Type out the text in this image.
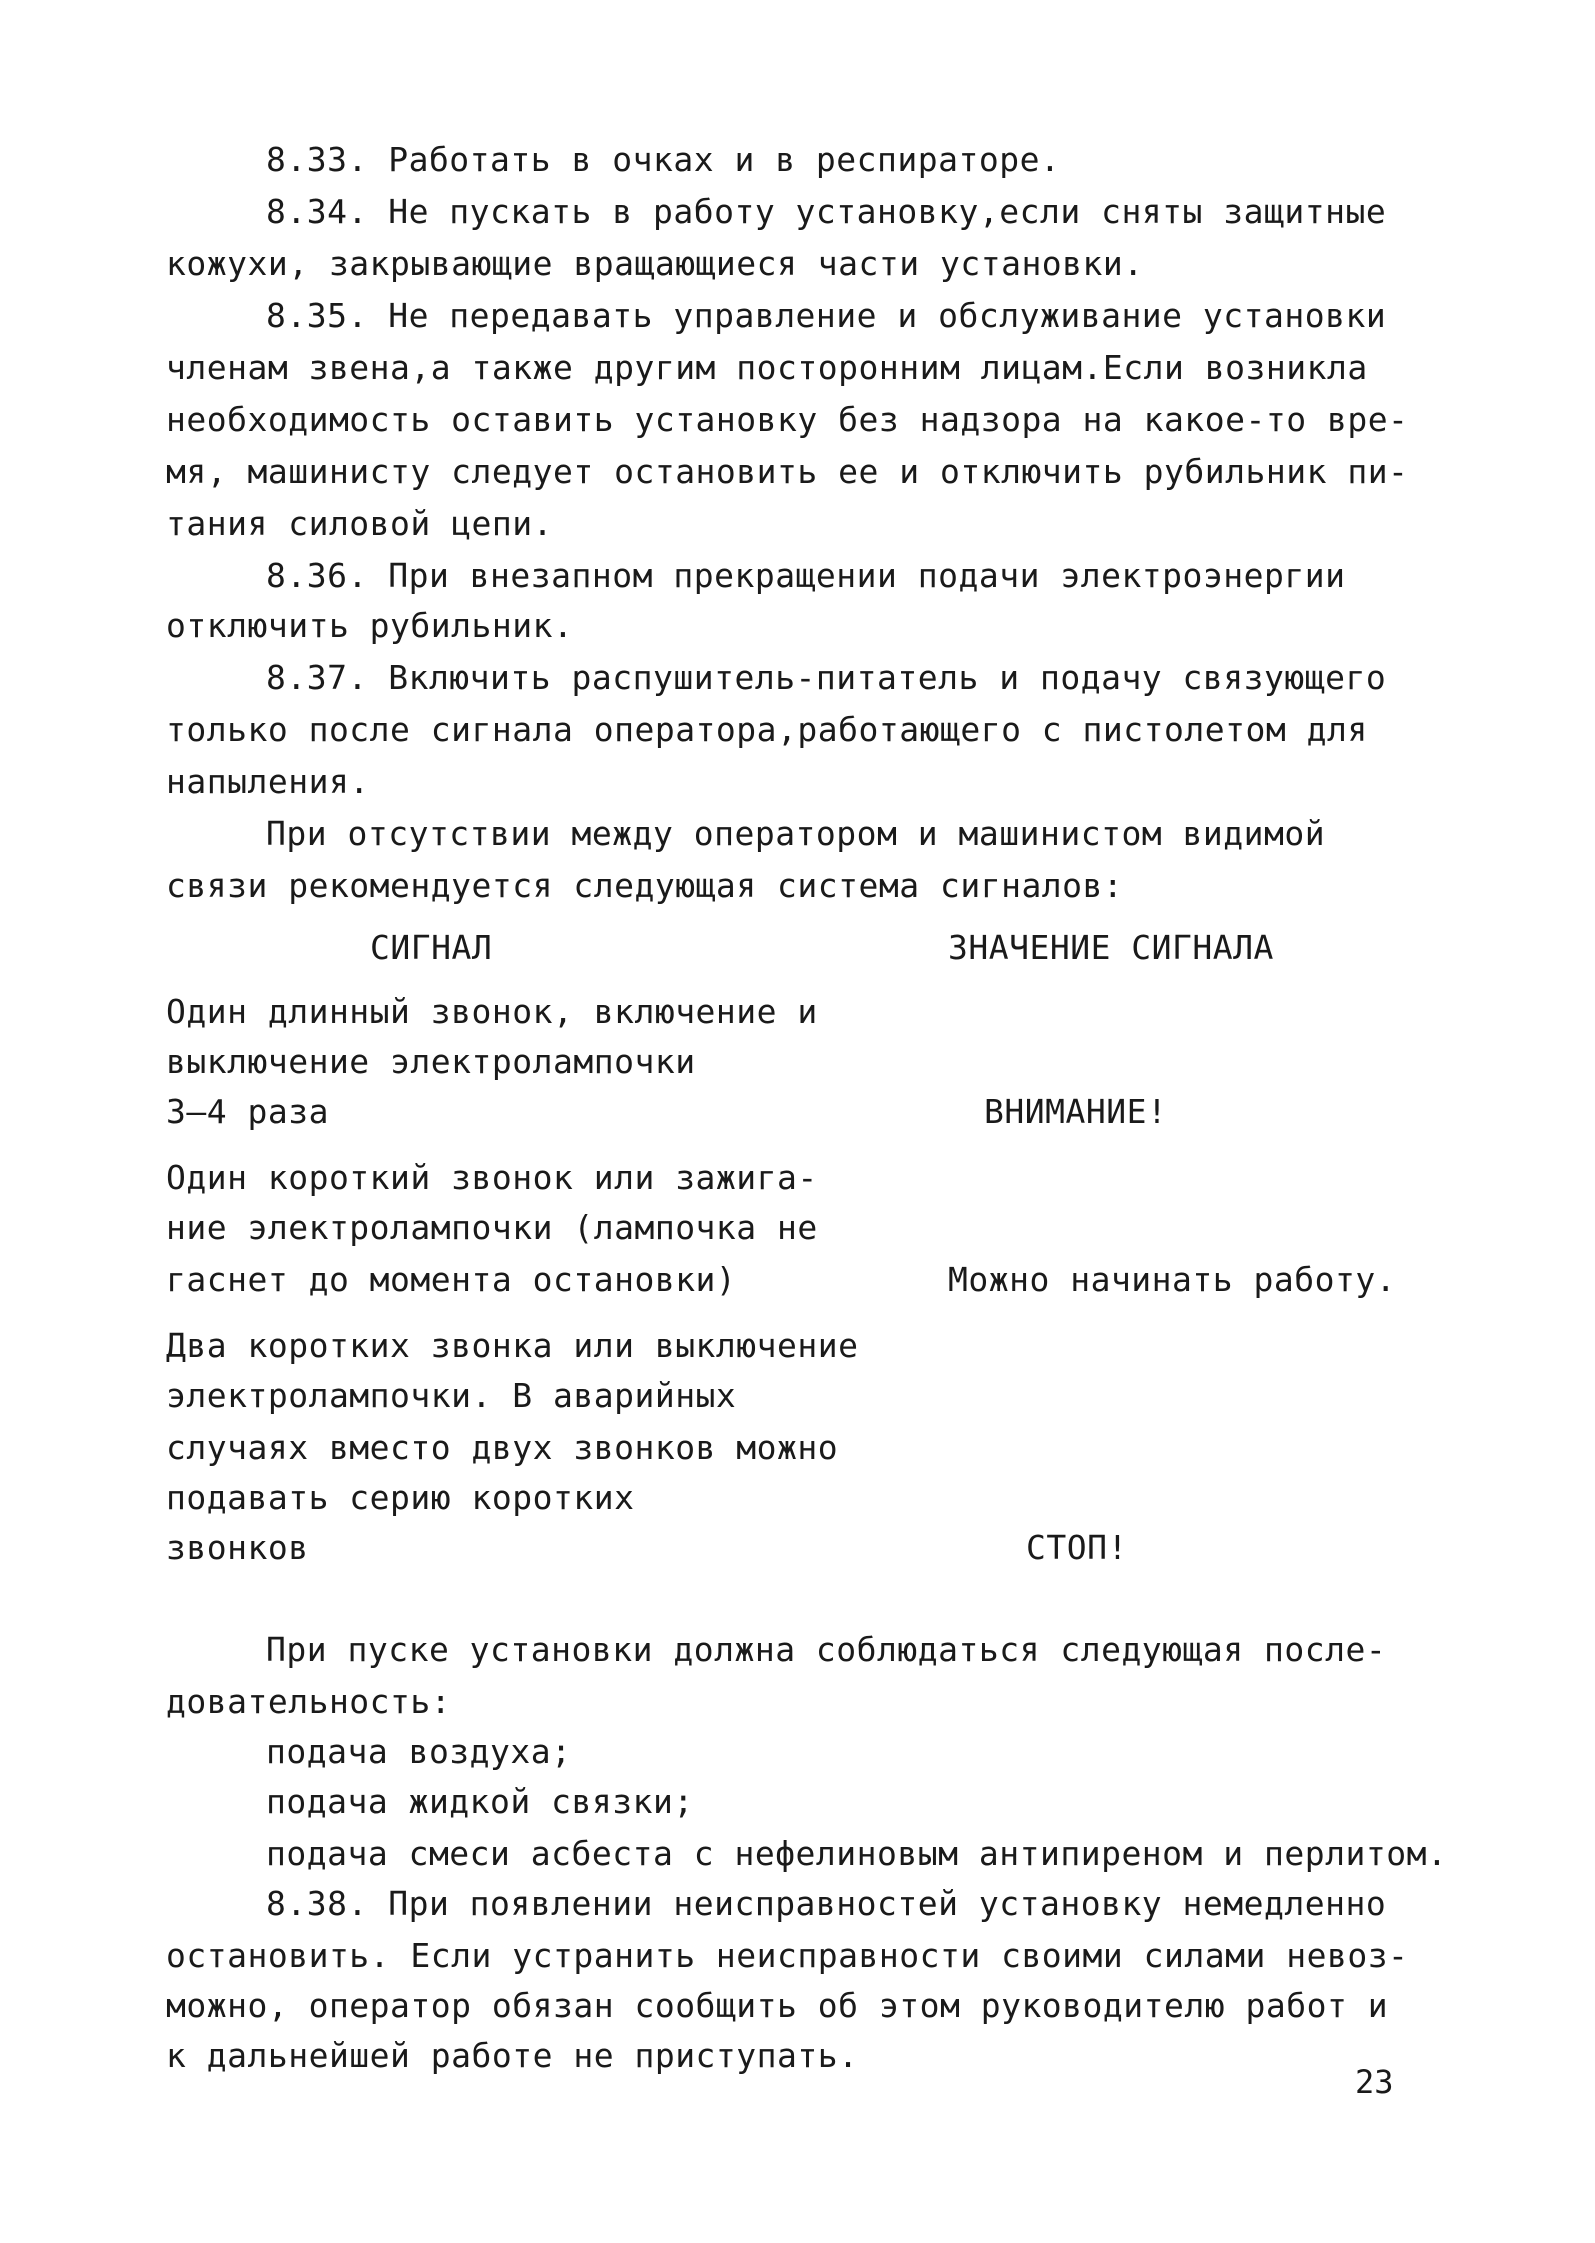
8.33. Работать в очках и в респираторе.
8.34. Не пускать в работу установку,если сняты защитные
кожухи, закрывающие вращающиеся части установки.
8.35. Не передавать управление и обслуживание установки
членам звена,а также другим посторонним лицам.Если возникла
необходимость оставить установку без надзора на какое-то вре-
мя, машинисту следует остановить ее и отключить рубильник пи-
тания силовой цепи.
8.36. При внезапном прекращении подачи электроэнергии
отключить рубильник.
8.37. Включить распушитель-питатель и подачу связующего
только после сигнала оператора,работающего с пистолетом для
напыления.
При отсутствии между оператором и машинистом видимой
связи рекомендуется следующая система сигналов:
СИГНАЛ	ЗНАЧЕНИЕ СИГНАЛА
Один длинный звонок, включение и
выключение электролампочки
3–4 раза	ВНИМАНИЕ!
Один короткий звонок или зажига-
ние электролампочки (лампочка не
гаснет до момента остановки)	Можно начинать работу.
Два коротких звонка или выключение
электролампочки. В аварийных
случаях вместо двух звонков можно
подавать серию коротких
звонков	СТОП!
При пуске установки должна соблюдаться следующая после-
довательность:
подача воздуха;
подача жидкой связки;
подача смеси асбеста с нефелиновым антипиреном и перлитом.
8.38. При появлении неисправностей установку немедленно
остановить. Если устранить неисправности своими силами невоз-
можно, оператор обязан сообщить об этом руководителю работ и
к дальнейшей работе не приступать.
23
